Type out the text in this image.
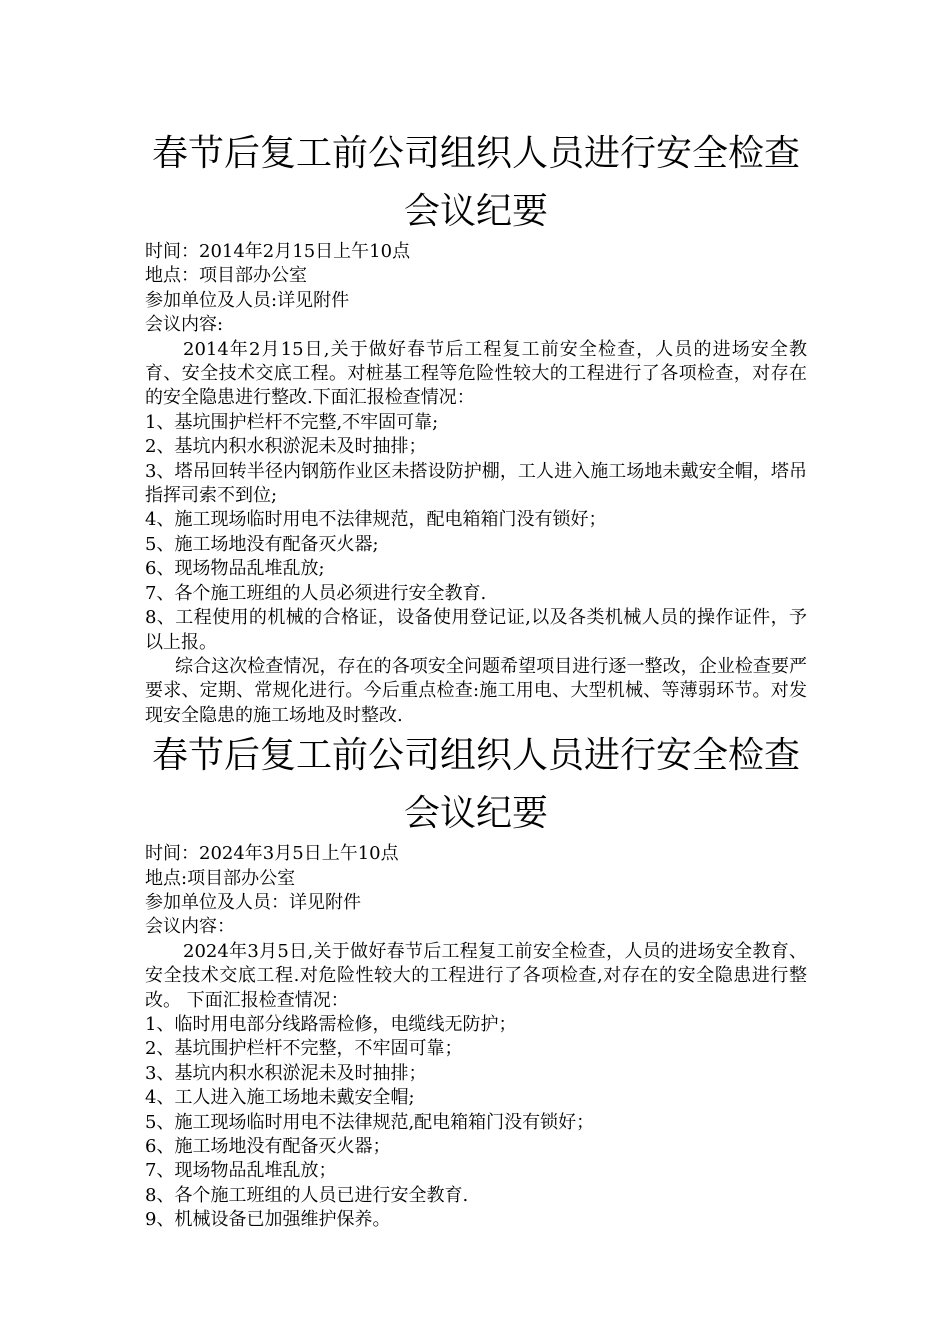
春节后复工前公司组织人员进行安全检查
会议纪要

时间：2014年2月15日上午10点

地点：项目部办公室

参加单位及人员:详见附件

会议内容:

2014年2月15日,关于做好春节后工程复工前安全检查，人员的进场安全教育、安全技术交底工程。对桩基工程等危险性较大的工程进行了各项检查，对存在的安全隐患进行整改.下面汇报检查情况：

1、基坑围护栏杆不完整,不牢固可靠;

2、基坑内积水积淤泥未及时抽排；

3、塔吊回转半径内钢筋作业区未搭设防护棚，工人进入施工场地未戴安全帽，塔吊指挥司索不到位;

4、施工现场临时用电不法律规范，配电箱箱门没有锁好；

5、施工场地没有配备灭火器;

6、现场物品乱堆乱放;

7、各个施工班组的人员必须进行安全教育.

8、工程使用的机械的合格证，设备使用登记证,以及各类机械人员的操作证件，予以上报。

综合这次检查情况，存在的各项安全问题希望项目进行逐一整改，企业检查要严要求、定期、常规化进行。今后重点检查:施工用电、大型机械、等薄弱环节。对发现安全隐患的施工场地及时整改.

春节后复工前公司组织人员进行安全检查
会议纪要

时间：2024年3月5日上午10点

地点:项目部办公室

参加单位及人员：详见附件

会议内容：

2024年3月5日,关于做好春节后工程复工前安全检查，人员的进场安全教育、安全技术交底工程.对危险性较大的工程进行了各项检查,对存在的安全隐患进行整改。 下面汇报检查情况：

1、临时用电部分线路需检修，电缆线无防护；

2、基坑围护栏杆不完整，不牢固可靠；

3、基坑内积水积淤泥未及时抽排；

4、工人进入施工场地未戴安全帽;

5、施工现场临时用电不法律规范,配电箱箱门没有锁好；

6、施工场地没有配备灭火器；

7、现场物品乱堆乱放；

8、各个施工班组的人员已进行安全教育.

9、机械设备已加强维护保养。
